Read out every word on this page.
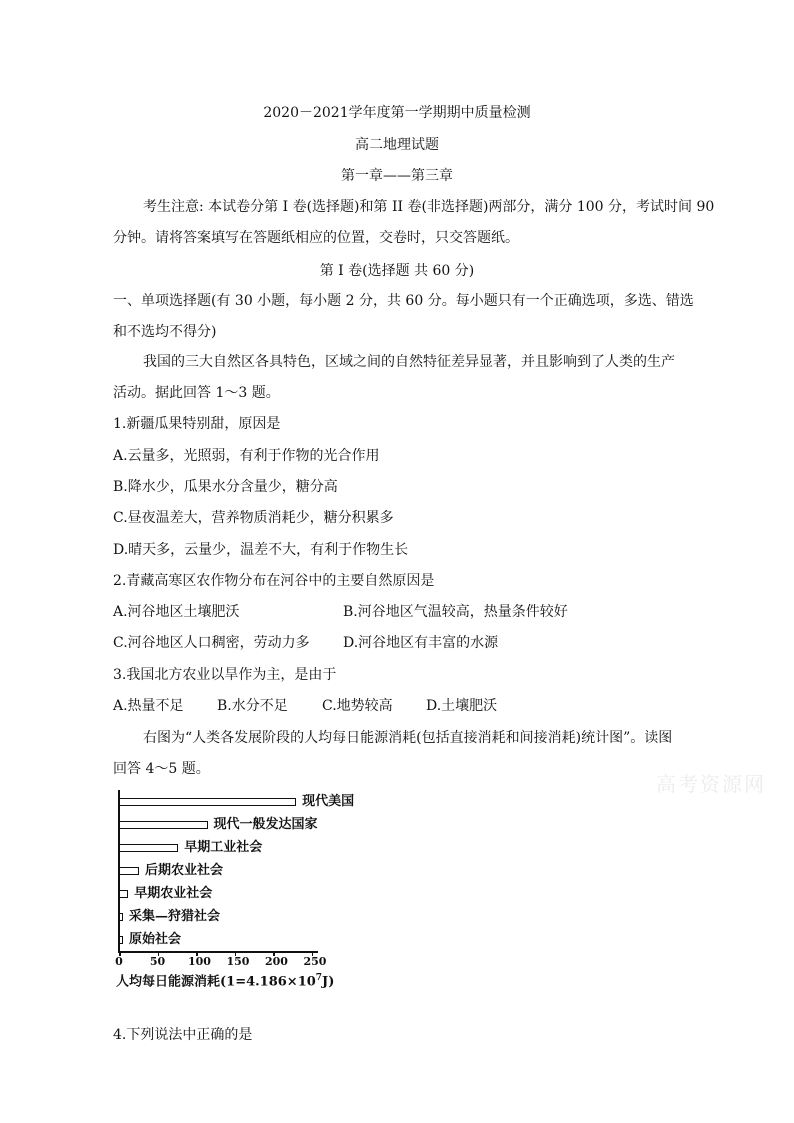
2020－2021学年度第一学期期中质量检测
高二地理试题
第一章——第三章
考生注意: 本试卷分第 I 卷(选择题)和第 II 卷(非选择题)两部分，满分 100 分，考试时间 90
分钟。请将答案填写在答题纸相应的位置，交卷时，只交答题纸。
第 I 卷(选择题 共 60 分)
一、单项选择题(有 30 小题，每小题 2 分，共 60 分。每小题只有一个正确选项，多选、错选
和不选均不得分)
我国的三大自然区各具特色，区域之间的自然特征差异显著，并且影响到了人类的生产
活动。据此回答 1～3 题。
1.新疆瓜果特别甜，原因是
A.云量多，光照弱，有利于作物的光合作用
B.降水少，瓜果水分含量少，糖分高
C.昼夜温差大，营养物质消耗少，糖分积累多
D.晴天多，云量少，温差不大，有利于作物生长
2.青藏高寒区农作物分布在河谷中的主要自然原因是
A.河谷地区土壤肥沃	B.河谷地区气温较高，热量条件较好
C.河谷地区人口稠密，劳动力多 D.河谷地区有丰富的水源
3.我国北方农业以旱作为主，是由于
A.热量不足 B.水分不足 C.地势较高 D.土壤肥沃
右图为“人类各发展阶段的人均每日能源消耗(包括直接消耗和间接消耗)统计图”。读图
回答 4～5 题。
高考资源网
现代美国
现代一般发达国家
早期工业社会
后期农业社会
早期农业社会
采集—狩猎社会
原始社会
0	50 100 150 200 250
人均每日能源消耗$(1=4.186\times 10^7J)$
4.下列说法中正确的是
